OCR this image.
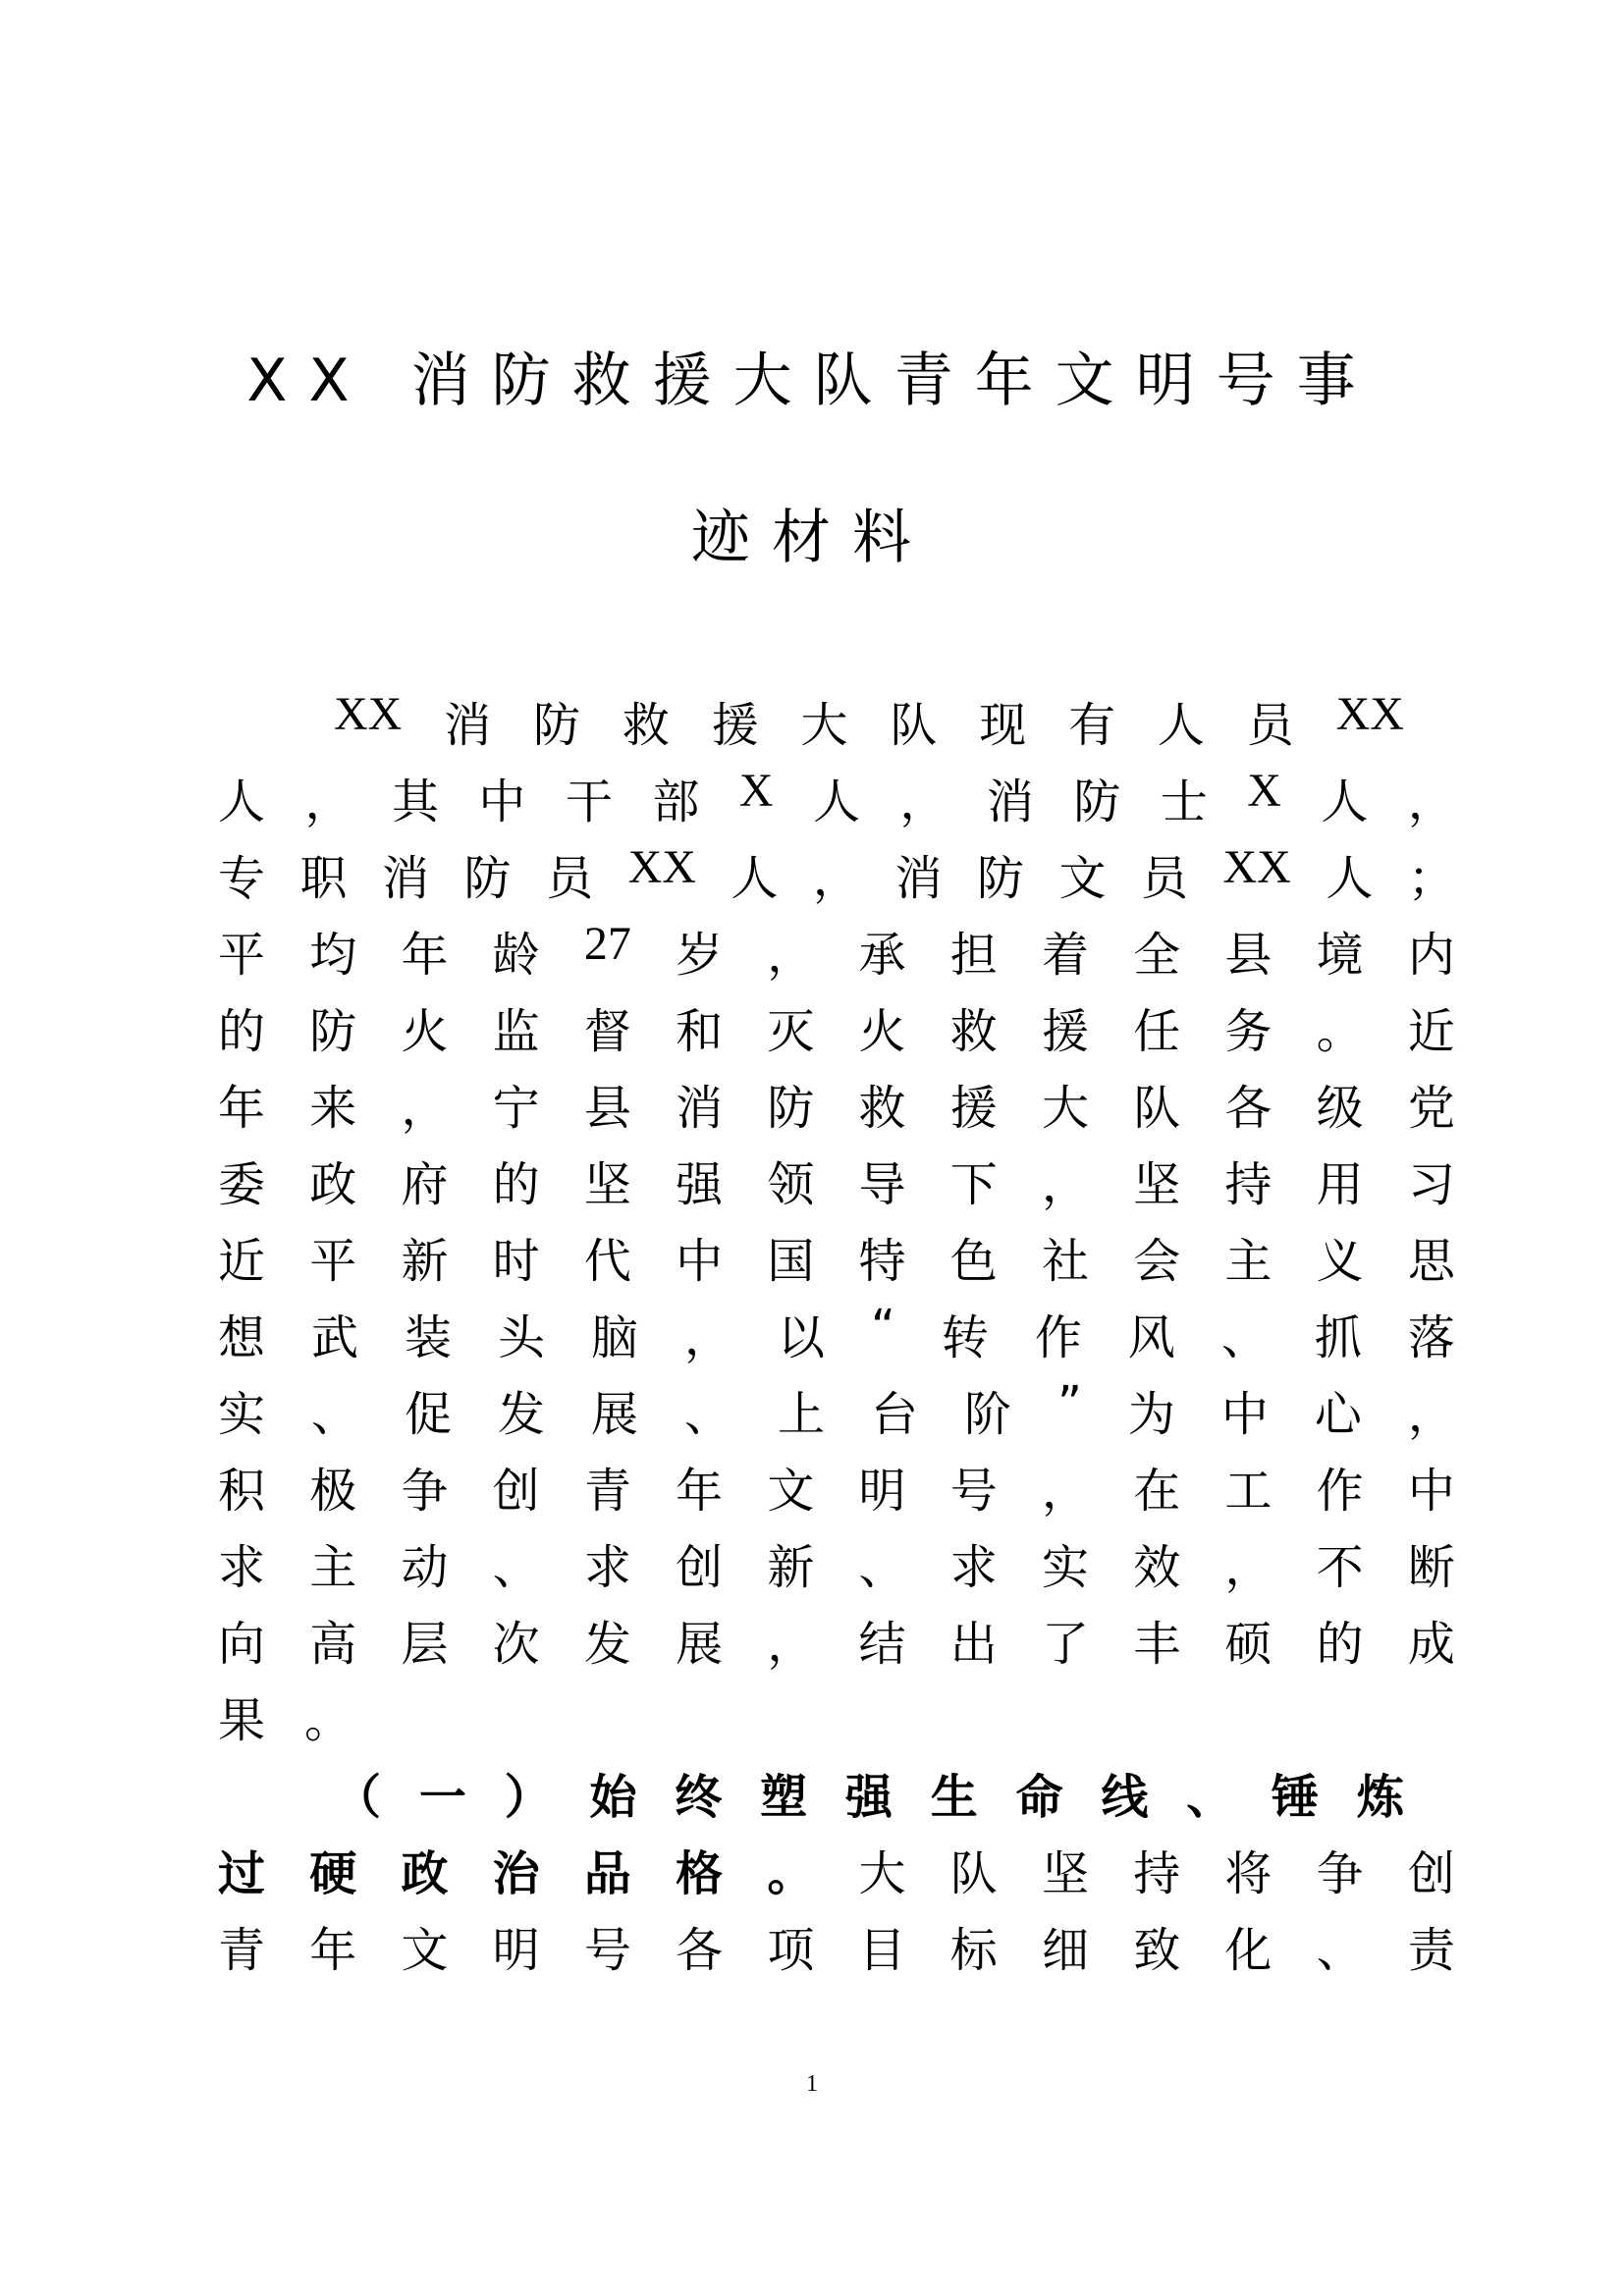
XX 消防救援大队青年文明号事
迹材料
XX 消 防 救 援 大 队 现 有 人 员 XX
人 ， 其 中 干 部 X 人 ， 消 防 士 X 人 ，
专 职 消 防 员 XX 人 ， 消 防 文 员 XX 人 ；
平 均 年 龄 27 岁 ， 承 担 着 全 县 境 内
的 防 火 监 督 和 灭 火 救 援 任 务 。 近
年 来 ， 宁 县 消 防 救 援 大 队 各 级 党
委 政 府 的 坚 强 领 导 下 ， 坚 持 用 习
近 平 新 时 代 中 国 特 色 社 会 主 义 思
想 武 装 头 脑 ， 以 “ 转 作 风 、 抓 落
实 、 促 发 展 、 上 台 阶 ” 为 中 心 ，
积 极 争 创 青 年 文 明 号 ， 在 工 作 中
求 主 动 、 求 创 新 、 求 实 效 ， 不 断
向 高 层 次 发 展 ， 结 出 了 丰 硕 的 成
果 。
（ 一 ） 始 终 塑 强 生 命 线 、 锤 炼
过 硬 政 治 品 格 。 大 队 坚 持 将 争 创
青 年 文 明 号 各 项 目 标 细 致 化 、 责
1
